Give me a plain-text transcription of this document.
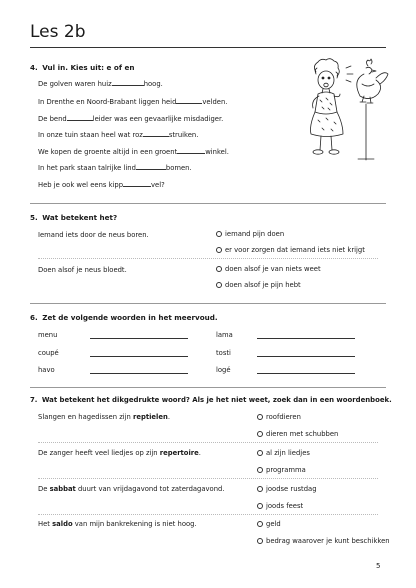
Les 2b
4. Vul in. Kies uit: e of en
De golven waren huiz	hoog.
In Drenthe en Noord-Brabant liggen heid	velden.
De bend	leider was een gevaarlijke misdadiger.
In onze tuin staan heel wat roz	struiken.
We kopen de groente altijd in een groent	winkel.
In het park staan talrijke lind	bomen.
Heb je ook wel eens kipp	vel?
5. Wat betekent het?
Iemand iets door de neus boren.	iemand pijn doen
er voor zorgen dat iemand iets niet krijgt
Doen alsof je neus bloedt.	doen alsof je van niets weet
doen alsof je pijn hebt
6. Zet de volgende woorden in het meervoud.
menu	lama
coupé	tosti
havo	logé
7. Wat betekent het dikgedrukte woord? Als je het niet weet, zoek dan in een woordenboek.
Slangen en hagedissen zijn reptielen.	roofdieren
dieren met schubben
De zanger heeft veel liedjes op zijn repertoire.	al zijn liedjes
programma
De sabbat duurt van vrijdagavond tot zaterdagavond.	joodse rustdag
joods feest
Het saldo van mijn bankrekening is niet hoog.	geld
bedrag waarover je kunt beschikken
5
